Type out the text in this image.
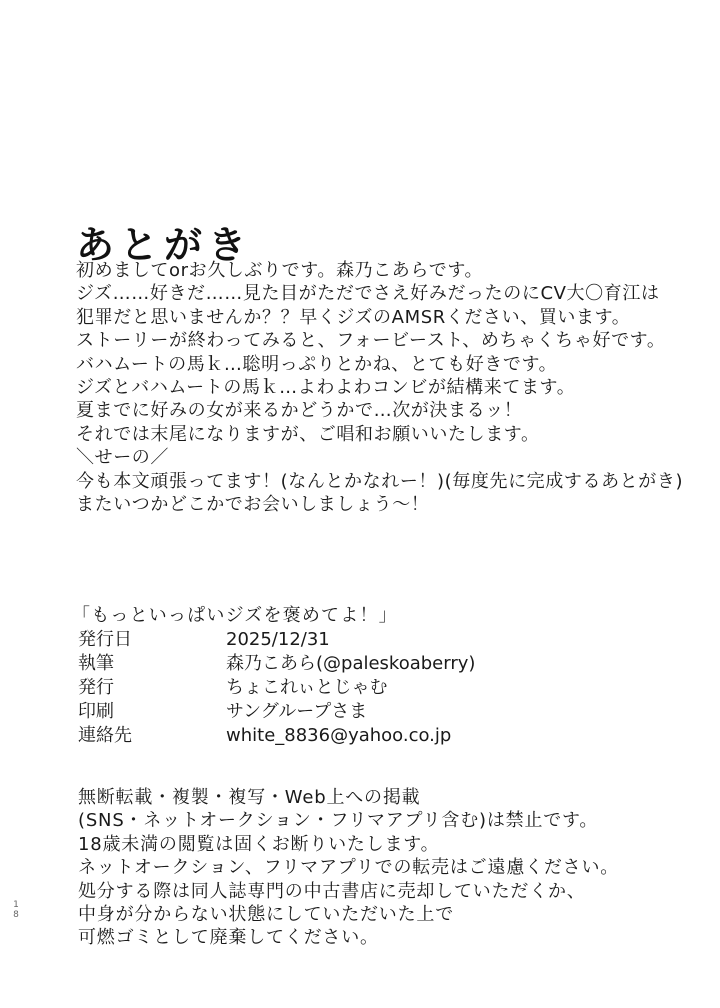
あとがき
初めましてorお久しぶりです。森乃こあらです。
ジズ……好きだ……見た目がただでさえ好みだったのにCV大〇育江は
犯罪だと思いませんか？？早くジズのAMSRください、買います。
ストーリーが終わってみると、フォービースト、めちゃくちゃ好です。
バハムートの馬ｋ…聡明っぷりとかね、とても好きです。
ジズとバハムートの馬ｋ…よわよわコンビが結構来てます。
夏までに好みの女が来るかどうかで…次が決まるッ！
それでは末尾になりますが、ご唱和お願いいたします。
＼せーの／
今も本文頑張ってます！(なんとかなれー！)(毎度先に完成するあとがき)
またいつかどこかでお会いしましょう～！
「もっといっぱいジズを褒めてよ！」
発行日	2025/12/31
執筆	森乃こあら(@paleskoaberry)
発行	ちょこれぃとじゃむ
印刷	サングループさま
連絡先	white_8836@yahoo.co.jp
無断転載・複製・複写・Web上への掲載
(SNS・ネットオークション・フリマアプリ含む)は禁止です。
18歳未満の閲覧は固くお断りいたします。
ネットオークション、フリマアプリでの転売はご遠慮ください。
処分する際は同人誌専門の中古書店に売却していただくか、
中身が分からない状態にしていただいた上で
可燃ゴミとして廃棄してください。
1
8
